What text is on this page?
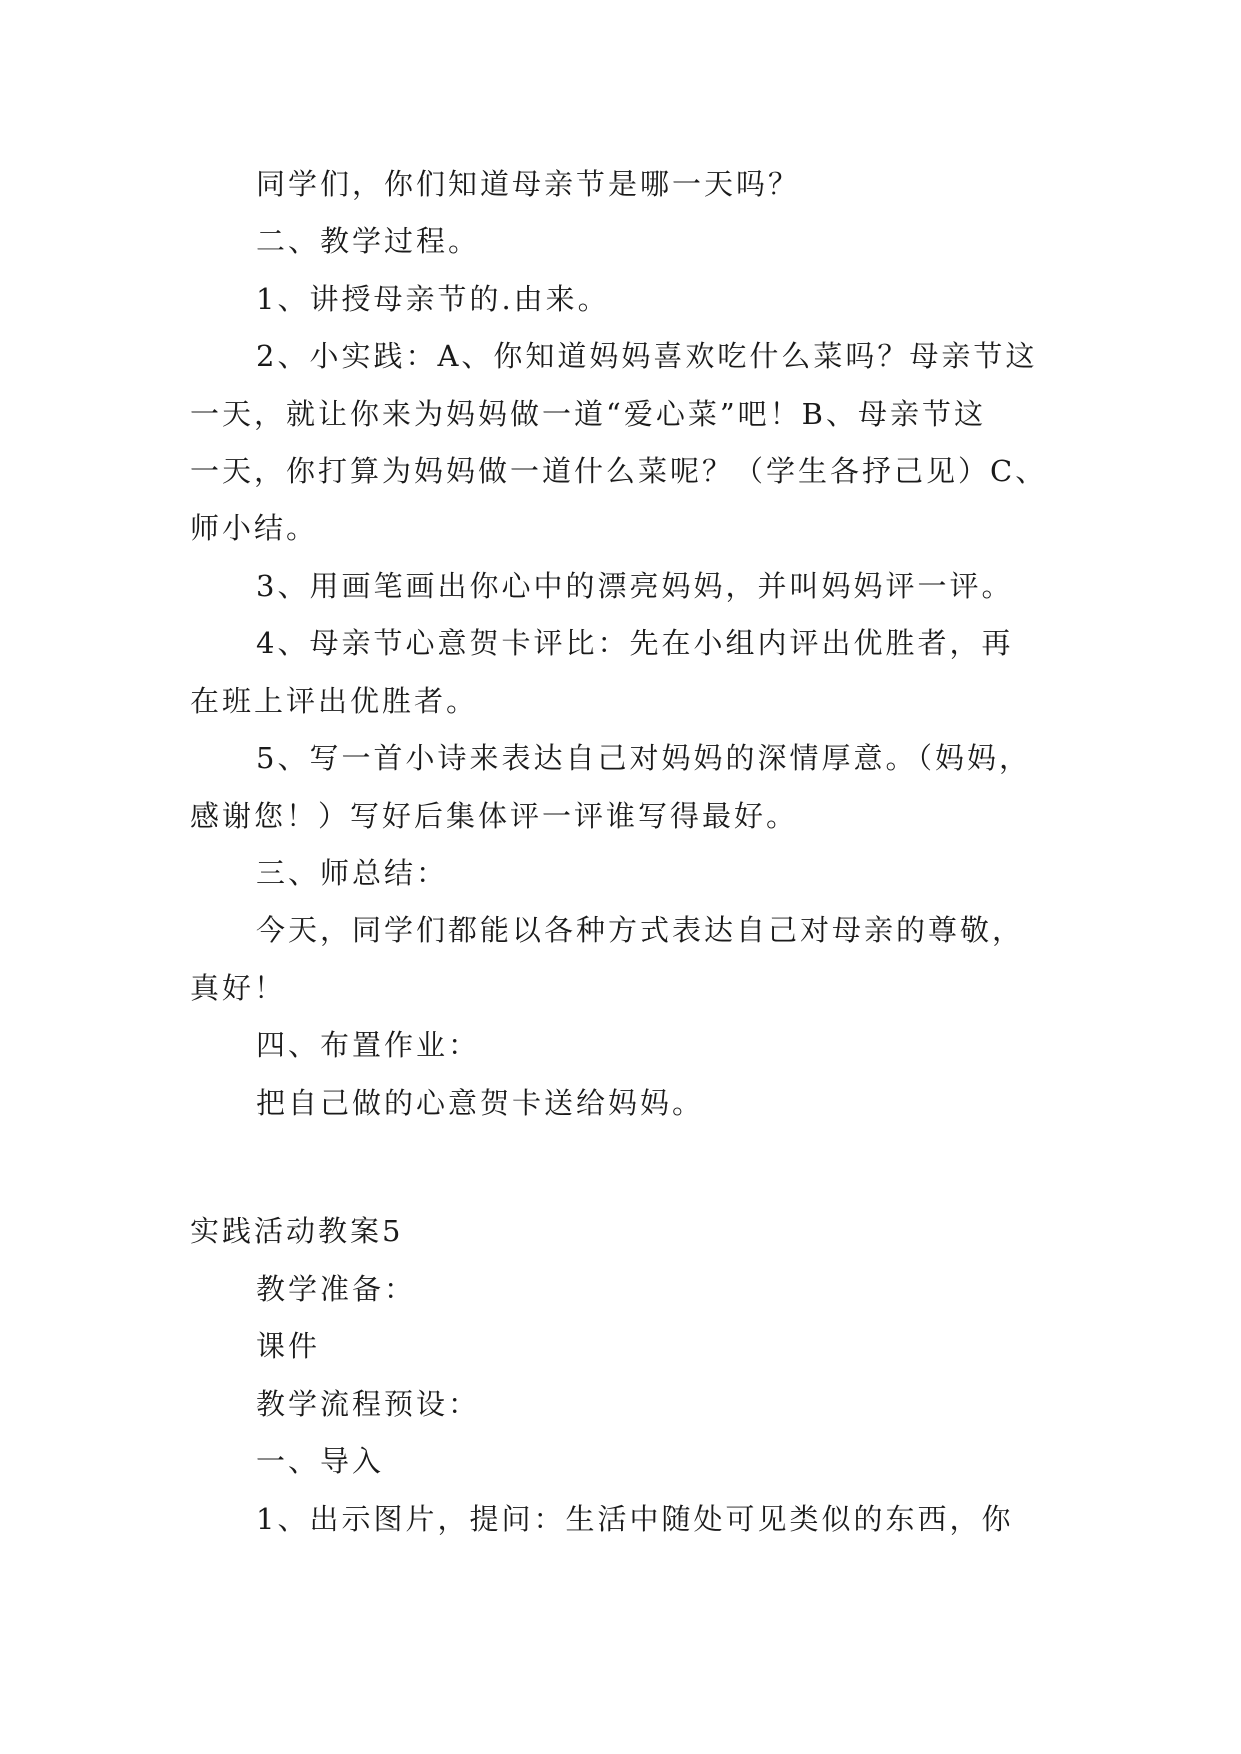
同学们，你们知道母亲节是哪一天吗？
二、教学过程。
1、讲授母亲节的.由来。
2、小实践：A、你知道妈妈喜欢吃什么菜吗？母亲节这
一天，就让你来为妈妈做一道“爱心菜”吧！B、母亲节这
一天，你打算为妈妈做一道什么菜呢？（学生各抒己见）C、
师小结。
3、用画笔画出你心中的漂亮妈妈，并叫妈妈评一评。
4、母亲节心意贺卡评比：先在小组内评出优胜者，再
在班上评出优胜者。
5、写一首小诗来表达自己对妈妈的深情厚意。（妈妈，
感谢您！）写好后集体评一评谁写得最好。
三、师总结：
今天，同学们都能以各种方式表达自己对母亲的尊敬，
真好！
四、布置作业：
把自己做的心意贺卡送给妈妈。
实践活动教案5
教学准备：
课件
教学流程预设：
一、导入
1、出示图片，提问：生活中随处可见类似的东西，你
